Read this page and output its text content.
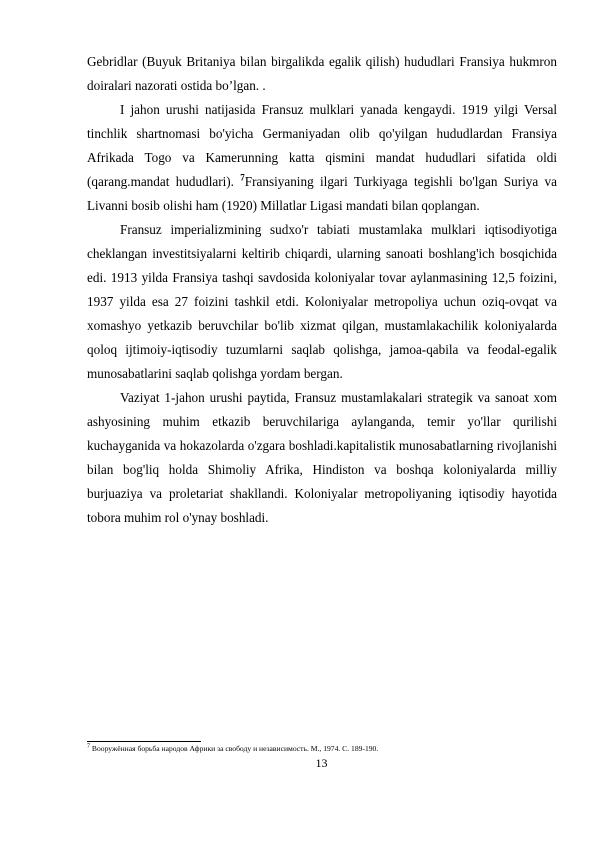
Gebridlar (Buyuk Britaniya bilan birgalikda egalik qilish) hududlari Fransiya hukmron doiralari nazorati ostida bo’lgan. .

I jahon urushi natijasida Fransuz mulklari yanada kengaydi. 1919 yilgi Versal tinchlik shartnomasi bo'yicha Germaniyadan olib qo'yilgan hududlardan Fransiya Afrikada Togo va Kamerunning katta qismini mandat hududlari sifatida oldi (qarang.mandat hududlari). $^7$Fransiyaning ilgari Turkiyaga tegishli bo'lgan Suriya va Livanni bosib olishi ham (1920) Millatlar Ligasi mandati bilan qoplangan.

Fransuz imperializmining sudxo'r tabiati mustamlaka mulklari iqtisodiyotiga cheklangan investitsiyalarni keltirib chiqardi, ularning sanoati boshlang'ich bosqichida edi. 1913 yilda Fransiya tashqi savdosida koloniyalar tovar aylanmasining 12,5 foizini, 1937 yilda esa 27 foizini tashkil etdi. Koloniyalar metropoliya uchun oziq-ovqat va xomashyo yetkazib beruvchilar bo'lib xizmat qilgan, mustamlakachilik koloniyalarda qoloq ijtimoiy-iqtisodiy tuzumlarni saqlab qolishga, jamoa-qabila va feodal-egalik munosabatlarini saqlab qolishga yordam bergan.

Vaziyat 1-jahon urushi paytida, Fransuz mustamlakalari strategik va sanoat xom ashyosining muhim etkazib beruvchilariga aylanganda, temir yo'llar qurilishi kuchayganida va hokazolarda o'zgara boshladi.kapitalistik munosabatlarning rivojlanishi bilan bog'liq holda Shimoliy Afrika, Hindiston va boshqa koloniyalarda milliy burjuaziya va proletariat shakllandi. Koloniyalar metropoliyaning iqtisodiy hayotida tobora muhim rol o'ynay boshladi.

$^7$ Вооружённая борьба народов Африки за свободу и независимость. М., 1974. С. 189-190.
13
